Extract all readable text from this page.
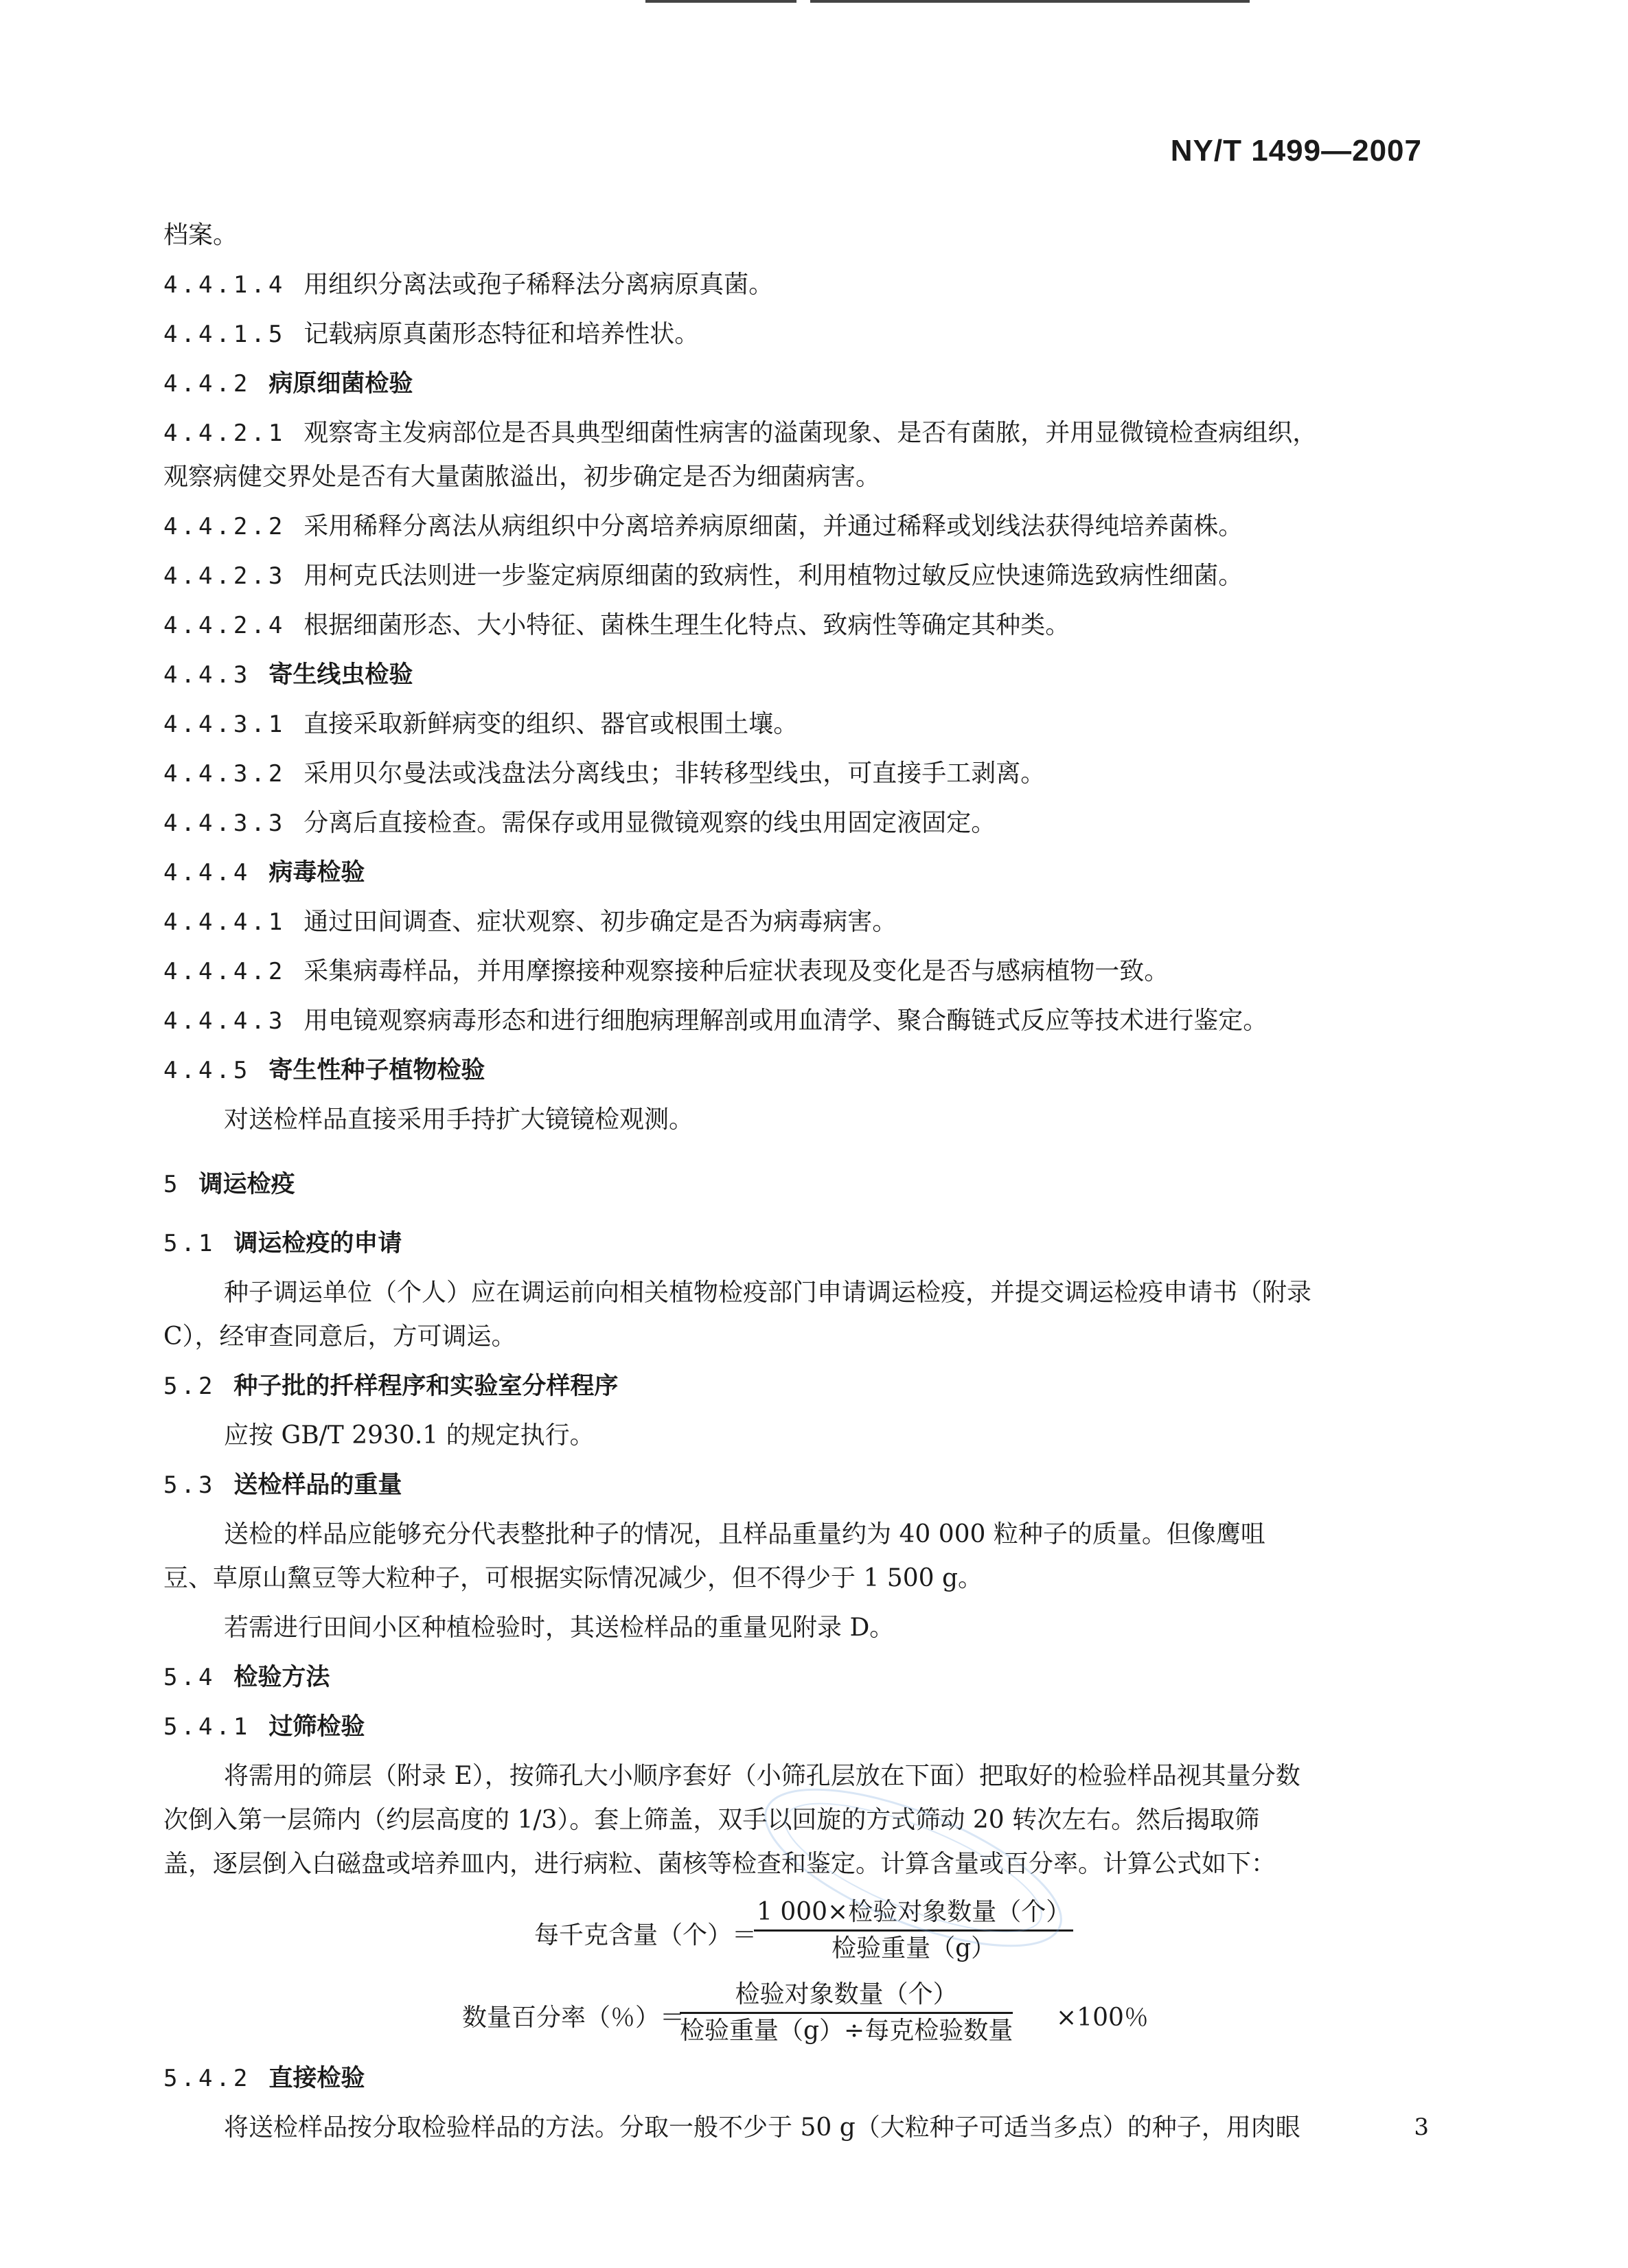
NY/T 1499—2007
档案。
4.4.1.4 用组织分离法或孢子稀释法分离病原真菌。
4.4.1.5 记载病原真菌形态特征和培养性状。
4.4.2 病原细菌检验
4.4.2.1 观察寄主发病部位是否具典型细菌性病害的溢菌现象、是否有菌脓，并用显微镜检查病组织，
观察病健交界处是否有大量菌脓溢出，初步确定是否为细菌病害。
4.4.2.2 采用稀释分离法从病组织中分离培养病原细菌，并通过稀释或划线法获得纯培养菌株。
4.4.2.3 用柯克氏法则进一步鉴定病原细菌的致病性，利用植物过敏反应快速筛选致病性细菌。
4.4.2.4 根据细菌形态、大小特征、菌株生理生化特点、致病性等确定其种类。
4.4.3 寄生线虫检验
4.4.3.1 直接采取新鲜病变的组织、器官或根围土壤。
4.4.3.2 采用贝尔曼法或浅盘法分离线虫；非转移型线虫，可直接手工剥离。
4.4.3.3 分离后直接检查。需保存或用显微镜观察的线虫用固定液固定。
4.4.4 病毒检验
4.4.4.1 通过田间调查、症状观察、初步确定是否为病毒病害。
4.4.4.2 采集病毒样品，并用摩擦接种观察接种后症状表现及变化是否与感病植物一致。
4.4.4.3 用电镜观察病毒形态和进行细胞病理解剖或用血清学、聚合酶链式反应等技术进行鉴定。
4.4.5 寄生性种子植物检验
对送检样品直接采用手持扩大镜镜检观测。
5 调运检疫
5.1 调运检疫的申请
种子调运单位（个人）应在调运前向相关植物检疫部门申请调运检疫，并提交调运检疫申请书（附录
C），经审查同意后，方可调运。
5.2 种子批的扦样程序和实验室分样程序
应按 GB/T 2930.1 的规定执行。
5.3 送检样品的重量
送检的样品应能够充分代表整批种子的情况，且样品重量约为 40 000 粒种子的质量。但像鹰咀
豆、草原山黧豆等大粒种子，可根据实际情况减少，但不得少于 1 500 g。
若需进行田间小区种植检验时，其送检样品的重量见附录 D。
5.4 检验方法
5.4.1 过筛检验
将需用的筛层（附录 E），按筛孔大小顺序套好（小筛孔层放在下面）把取好的检验样品视其量分数
次倒入第一层筛内（约层高度的 1/3）。套上筛盖，双手以回旋的方式筛动 20 转次左右。然后揭取筛
盖，逐层倒入白磁盘或培养皿内，进行病粒、菌核等检查和鉴定。计算含量或百分率。计算公式如下：
每千克含量（个）＝
1 000×检验对象数量（个）
检验重量（g）
数量百分率（％）＝
检验对象数量（个）
检验重量（g）÷每克检验数量 ×100％
5.4.2 直接检验
将送检样品按分取检验样品的方法。分取一般不少于 50 g（大粒种子可适当多点）的种子，用肉眼	3
